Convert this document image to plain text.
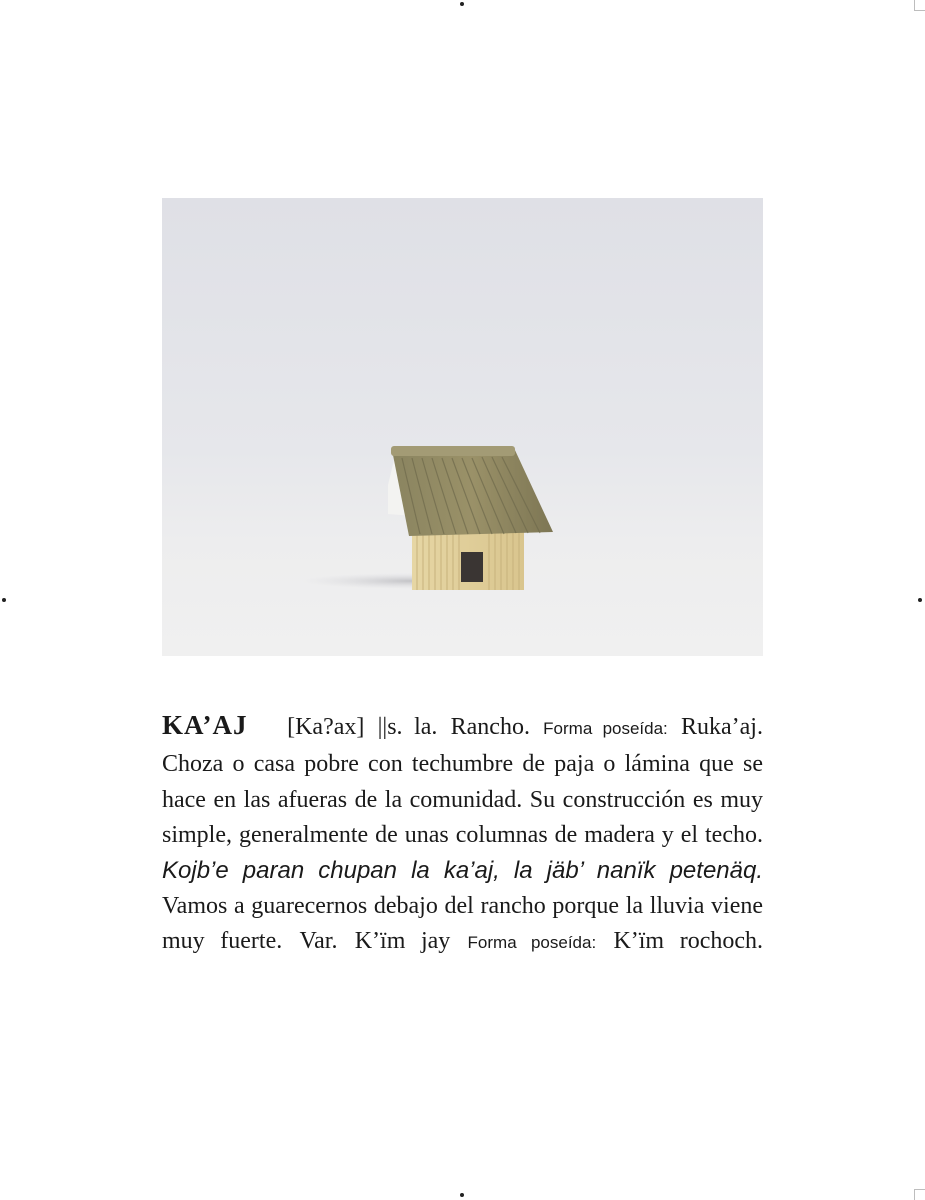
KA’AJ [Ka?ax] ||s. la. Rancho. Forma poseída: Ruka’aj. Choza o casa pobre con techumbre de paja o lámina que se hace en las afueras de la comunidad. Su construcción es muy simple, generalmente de unas columnas de madera y el techo. Kojb’e paran chupan la ka’aj, la jäb’ nanïk petenäq. Vamos a guarecernos debajo del rancho porque la lluvia viene muy fuerte. Var. K’ïm jay Forma poseída: K’ïm rochoch.
